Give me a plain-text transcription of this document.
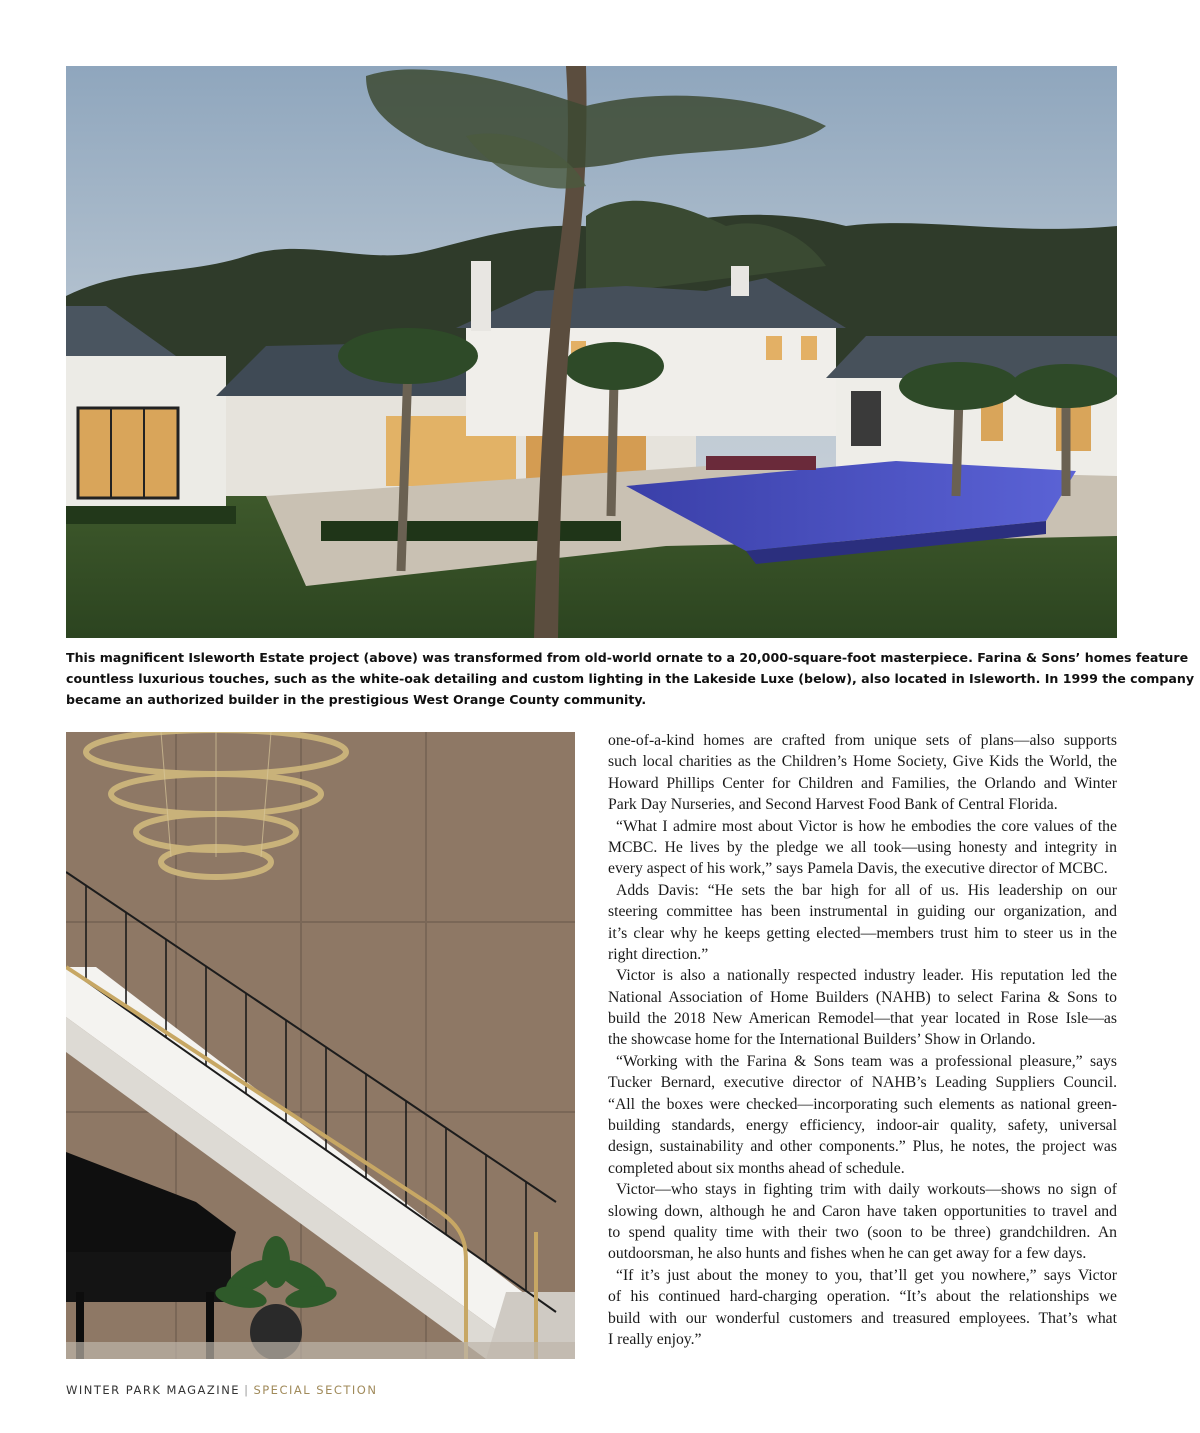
This magnificent Isleworth Estate project (above) was transformed from old-world ornate to a 20,000-square-foot masterpiece. Farina & Sons’ homes feature
countless luxurious touches, such as the white-oak detailing and custom lighting in the Lakeside Luxe (below), also located in Isleworth. In 1999 the company
became an authorized builder in the prestigious West Orange County community.
one-of-a-kind homes are crafted from unique sets of plans—also supports
such local charities as the Children’s Home Society, Give Kids the World, the
Howard Phillips Center for Children and Families, the Orlando and Winter
Park Day Nurseries, and Second Harvest Food Bank of Central Florida.
“What I admire most about Victor is how he embodies the core values of the
MCBC. He lives by the pledge we all took—using honesty and integrity in
every aspect of his work,” says Pamela Davis, the executive director of MCBC.
Adds Davis: “He sets the bar high for all of us. His leadership on our
steering committee has been instrumental in guiding our organization, and
it’s clear why he keeps getting elected—members trust him to steer us in the
right direction.”
Victor is also a nationally respected industry leader. His reputation led the
National Association of Home Builders (NAHB) to select Farina & Sons to
build the 2018 New American Remodel—that year located in Rose Isle—as
the showcase home for the International Builders’ Show in Orlando.
“Working with the Farina & Sons team was a professional pleasure,” says
Tucker Bernard, executive director of NAHB’s Leading Suppliers Council.
“All the boxes were checked—incorporating such elements as national green-
building standards, energy efficiency, indoor-air quality, safety, universal
design, sustainability and other components.” Plus, he notes, the project was
completed about six months ahead of schedule.
Victor—who stays in fighting trim with daily workouts—shows no sign of
slowing down, although he and Caron have taken opportunities to travel and
to spend quality time with their two (soon to be three) grandchildren. An
outdoorsman, he also hunts and fishes when he can get away for a few days.
“If it’s just about the money to you, that’ll get you nowhere,” says Victor
of his continued hard-charging operation. “It’s about the relationships we
build with our wonderful customers and treasured employees. That’s what
I really enjoy.”
WINTER PARK MAGAZINE | SPECIAL SECTION
